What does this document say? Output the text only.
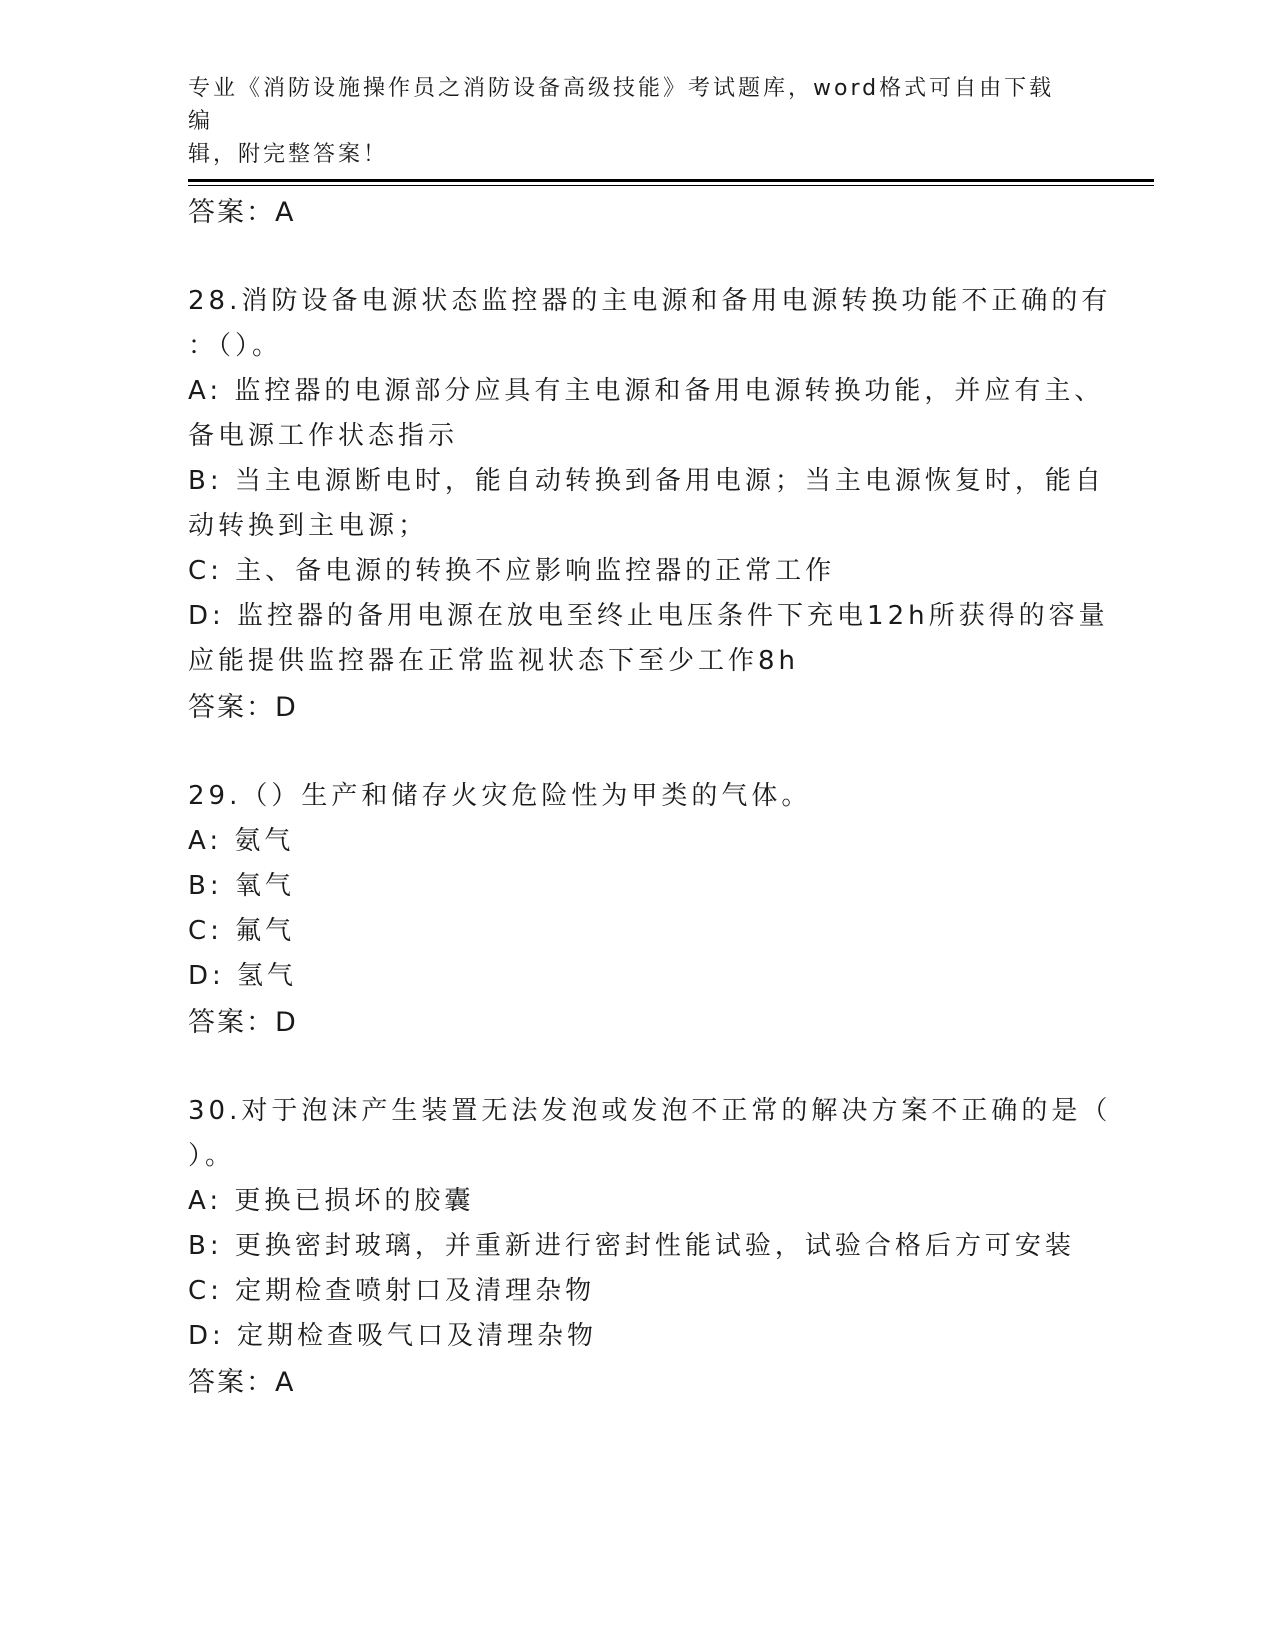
专业《消防设施操作员之消防设备高级技能》考试题库，word格式可自由下载编
辑，附完整答案！
答案：A
28.消防设备电源状态监控器的主电源和备用电源转换功能不正确的有
：（）。
A: 监控器的电源部分应具有主电源和备用电源转换功能，并应有主、
备电源工作状态指示
B: 当主电源断电时，能自动转换到备用电源；当主电源恢复时，能自
动转换到主电源；
C: 主、备电源的转换不应影响监控器的正常工作
D: 监控器的备用电源在放电至终止电压条件下充电12h所获得的容量
应能提供监控器在正常监视状态下至少工作8h
答案：D
29.（）生产和储存火灾危险性为甲类的气体。
A: 氨气
B: 氧气
C: 氟气
D: 氢气
答案：D
30.对于泡沫产生装置无法发泡或发泡不正常的解决方案不正确的是（
）。
A: 更换已损坏的胶囊
B: 更换密封玻璃，并重新进行密封性能试验，试验合格后方可安装
C: 定期检查喷射口及清理杂物
D: 定期检查吸气口及清理杂物
答案：A
